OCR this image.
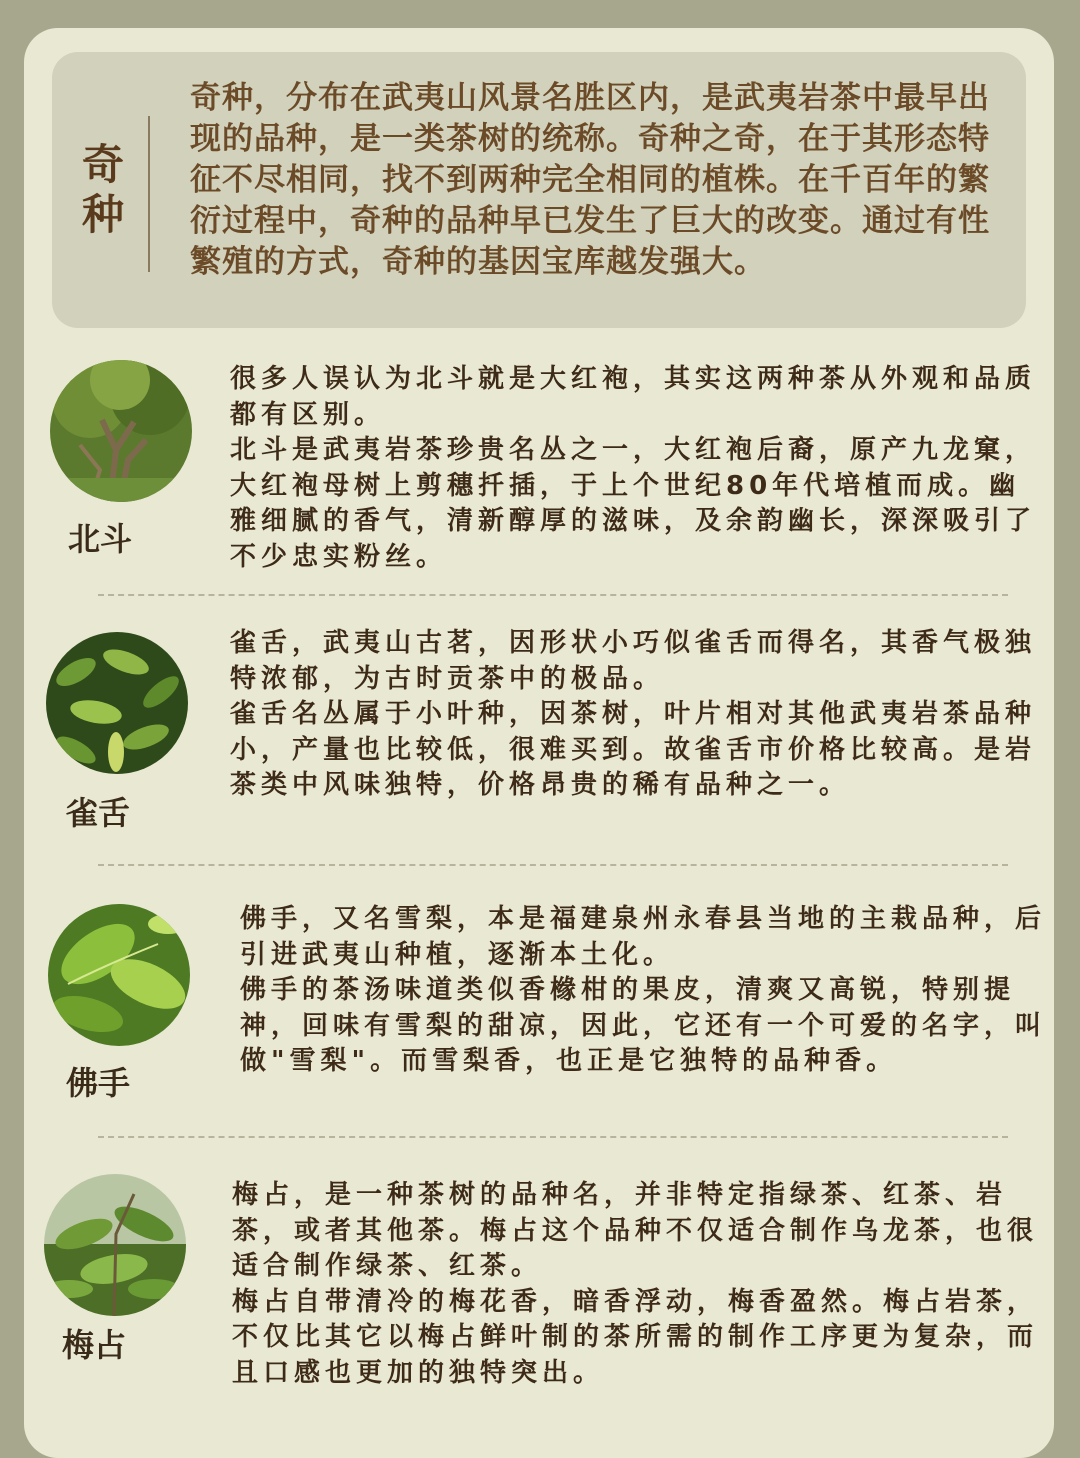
奇种
奇种，分布在武夷山风景名胜区内，是武夷岩茶中最早出现的品种，是一类茶树的统称。奇种之奇，在于其形态特征不尽相同，找不到两种完全相同的植株。在千百年的繁衍过程中，奇种的品种早已发生了巨大的改变。通过有性繁殖的方式，奇种的基因宝库越发强大。
北斗

很多人误认为北斗就是大红袍，其实这两种茶从外观和品质都有区别。

北斗是武夷岩茶珍贵名丛之一，大红袍后裔，原产九龙窠，大红袍母树上剪穗扦插，于上个世纪80年代培植而成。幽雅细腻的香气，清新醇厚的滋味，及余韵幽长，深深吸引了不少忠实粉丝。

雀舌

雀舌，武夷山古茗，因形状小巧似雀舌而得名，其香气极独特浓郁，为古时贡茶中的极品。

雀舌名丛属于小叶种，因茶树，叶片相对其他武夷岩茶品种小，产量也比较低，很难买到。故雀舌市价格比较高。是岩茶类中风味独特，价格昂贵的稀有品种之一。

佛手

佛手，又名雪梨，本是福建泉州永春县当地的主栽品种，后引进武夷山种植，逐渐本土化。

佛手的茶汤味道类似香橼柑的果皮，清爽又高锐，特别提神，回味有雪梨的甜凉，因此，它还有一个可爱的名字，叫做"雪梨"。而雪梨香，也正是它独特的品种香。

梅占

梅占，是一种茶树的品种名，并非特定指绿茶、红茶、岩茶，或者其他茶。梅占这个品种不仅适合制作乌龙茶，也很适合制作绿茶、红茶。

梅占自带清冷的梅花香，暗香浮动，梅香盈然。梅占岩茶，不仅比其它以梅占鲜叶制的茶所需的制作工序更为复杂，而且口感也更加的独特突出。
